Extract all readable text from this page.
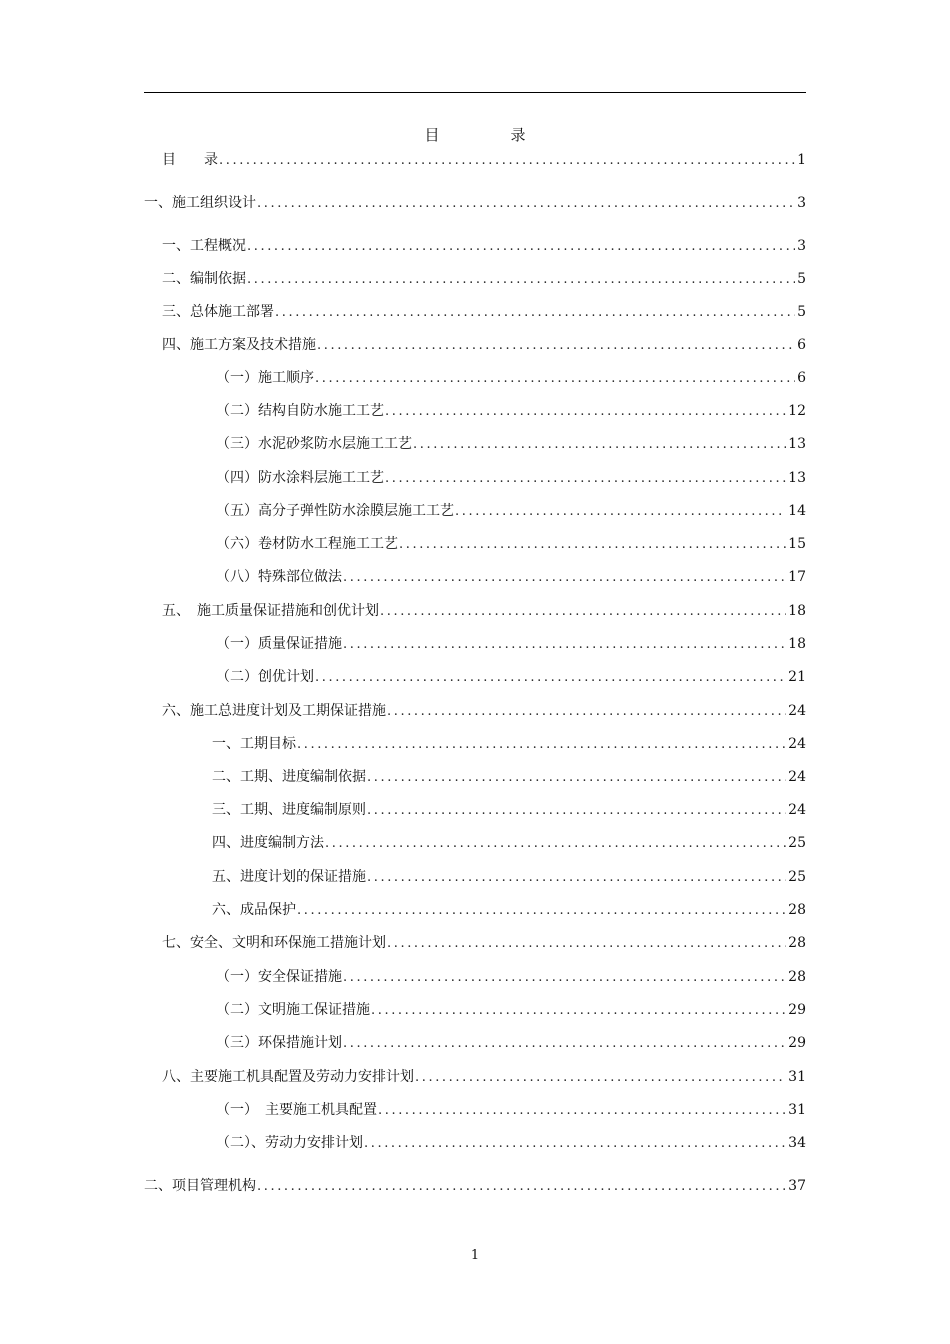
目　录
目　　录 .....	1
一、施工组织设计 .....	3
一、工程概况 .....	3
二、编制依据 .....	5
三、总体施工部署 .....	5
四、施工方案及技术措施 .....	6
（一）施工顺序 .....	6
（二）结构自防水施工工艺 .....	12
（三）水泥砂浆防水层施工工艺 .....	13
（四）防水涂料层施工工艺 .....	13
（五）高分子弹性防水涂膜层施工工艺 .....	14
（六）卷材防水工程施工工艺 .....	15
（八）特殊部位做法 .....	17
五、　施工质量保证措施和创优计划 .....	18
（一）质量保证措施 .....	18
（二）创优计划 .....	21
六、施工总进度计划及工期保证措施 .....	24
一、工期目标 .....	24
二、工期、进度编制依据 .....	24
三、工期、进度编制原则 .....	24
四、进度编制方法 .....	25
五、进度计划的保证措施 .....	25
六、成品保护 .....	28
七、安全、文明和环保施工措施计划 .....	28
（一）安全保证措施 .....	28
（二）文明施工保证措施 .....	29
（三）环保措施计划 .....	29
八、主要施工机具配置及劳动力安排计划 .....	31
（一）　主要施工机具配置 .....	31
（二）、劳动力安排计划 .....	34
二、项目管理机构 .....	37
1
